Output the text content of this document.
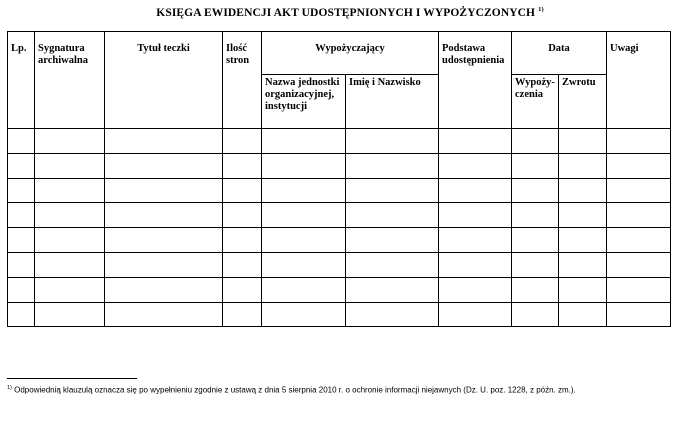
KSIĘGA EWIDENCJI AKT UDOSTĘPNIONYCH I WYPOŻYCZONYCH $^{1)}$
Lp.	Sygnatura archiwalna	Tytuł teczki	Ilość stron	Wypożyczający		Podstawa udostępnienia	Data		Uwagi

				Nazwa jednostki organizacyjnej, instytucji	Imię i Nazwisko		Wypoży- czenia	Zwrotu	

$^{1)}$ Odpowiednią klauzulą oznacza się po wypełnieniu zgodnie z ustawą z dnia 5 sierpnia 2010 r. o ochronie informacji niejawnych (Dz. U. poz. 1228, z późn. zm.).
